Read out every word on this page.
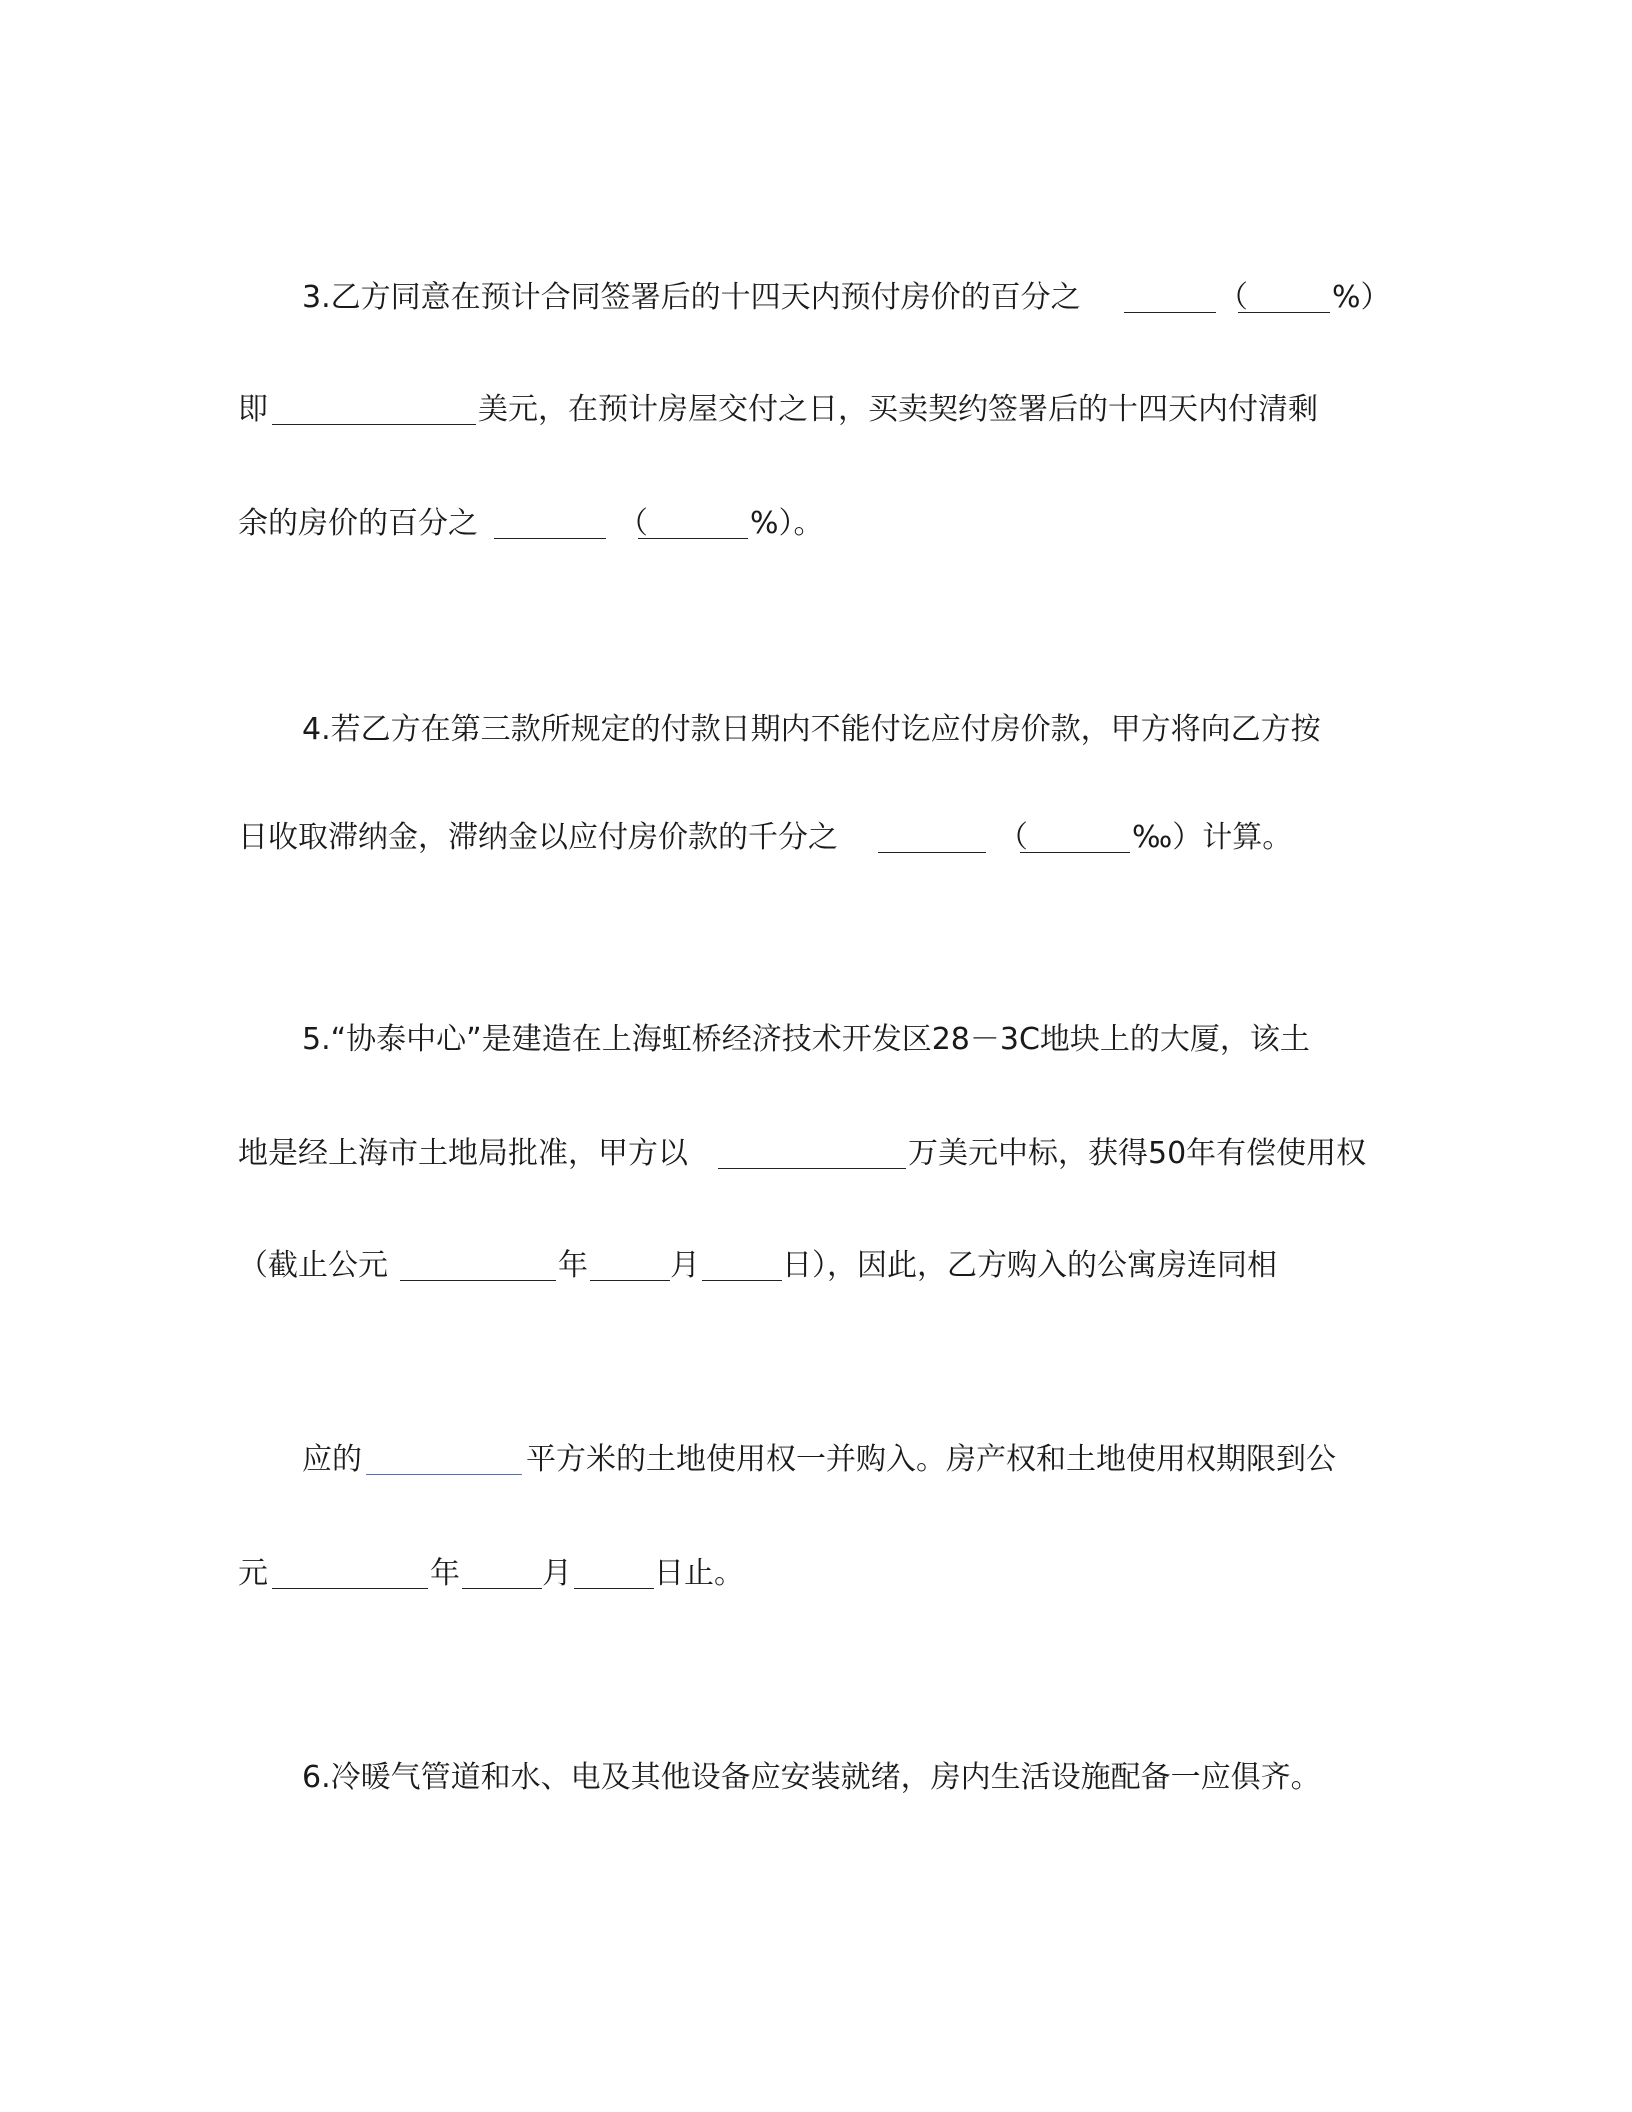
3.乙方同意在预计合同签署后的十四天内预付房价的百分之	（	%）
即	美元，在预计房屋交付之日，买卖契约签署后的十四天内付清剩
余的房价的百分之	（	%）。
4.若乙方在第三款所规定的付款日期内不能付讫应付房价款，甲方将向乙方按
日收取滞纳金，滞纳金以应付房价款的千分之	（	‰）计算。
5.“协泰中心”是建造在上海虹桥经济技术开发区28－3C地块上的大厦，该土
地是经上海市土地局批准，甲方以	万美元中标，获得50年有偿使用权
（截止公元	年	月	日），因此，乙方购入的公寓房连同相
应的	平方米的土地使用权一并购入。房产权和土地使用权期限到公
元	年	月	日止。
6.冷暖气管道和水、电及其他设备应安装就绪，房内生活设施配备一应俱齐。
